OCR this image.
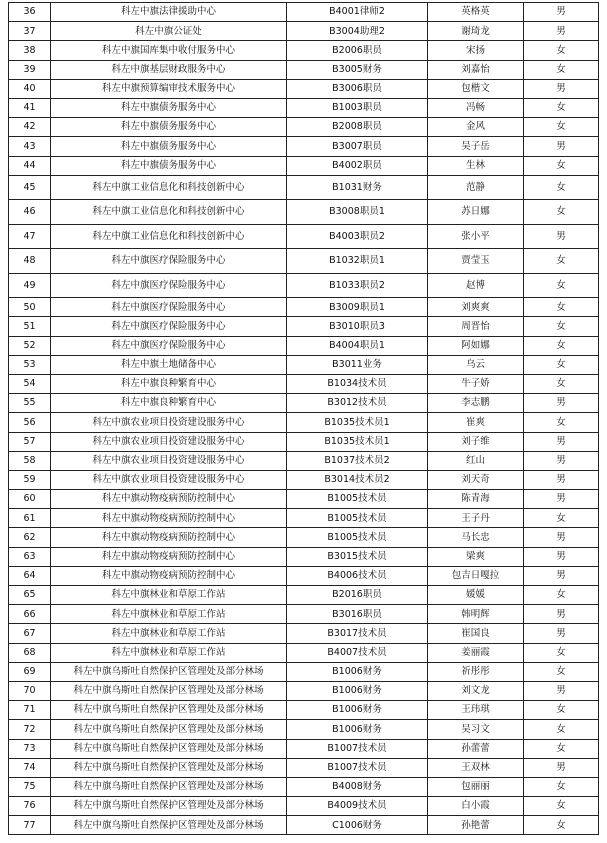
36	科左中旗法律援助中心	B4001律师2	英格英	男
37	科左中旗公证处	B3004助理2	谢琦龙	男
38	科左中旗国库集中收付服务中心	B2006职员	宋扬	女
39	科左中旗基层财政服务中心	B3005财务	刘嘉怡	女
40	科左中旗预算编审技术服务中心	B3006职员	包楷文	男
41	科左中旗债务服务中心	B1003职员	冯畅	女
42	科左中旗债务服务中心	B2008职员	金风	女
43	科左中旗债务服务中心	B3007职员	吴子岳	男
44	科左中旗债务服务中心	B4002职员	生林	女
45	科左中旗工业信息化和科技创新中心	B1031财务	范静	女
46	科左中旗工业信息化和科技创新中心	B3008职员1	苏日娜	女
47	科左中旗工业信息化和科技创新中心	B4003职员2	张小平	男
48	科左中旗医疗保险服务中心	B1032职员1	贾莹玉	女
49	科左中旗医疗保险服务中心	B1033职员2	赵博	女
50	科左中旗医疗保险服务中心	B3009职员1	刘爽爽	女
51	科左中旗医疗保险服务中心	B3010职员3	周晋怡	女
52	科左中旗医疗保险服务中心	B4004职员1	阿如娜	女
53	科左中旗土地储备中心	B3011业务	乌云	女
54	科左中旗良种繁育中心	B1034技术员	牛子娇	女
55	科左中旗良种繁育中心	B3012技术员	李志鹏	男
56	科左中旗农业项目投资建设服务中心	B1035技术员1	崔爽	女
57	科左中旗农业项目投资建设服务中心	B1035技术员1	刘子维	男
58	科左中旗农业项目投资建设服务中心	B1037技术员2	红山	男
59	科左中旗农业项目投资建设服务中心	B3014技术员2	刘天奇	男
60	科左中旗动物疫病预防控制中心	B1005技术员	陈青海	男
61	科左中旗动物疫病预防控制中心	B1005技术员	王子丹	女
62	科左中旗动物疫病预防控制中心	B1005技术员	马长忠	男
63	科左中旗动物疫病预防控制中心	B3015技术员	梁爽	男
64	科左中旗动物疫病预防控制中心	B4006技术员	包吉日嘎拉	男
65	科左中旗林业和草原工作站	B2016职员	媛媛	女
66	科左中旗林业和草原工作站	B3016职员	韩明辉	男
67	科左中旗林业和草原工作站	B3017技术员	崔国良	男
68	科左中旗林业和草原工作站	B4007技术员	姜丽霞	女
69	科左中旗乌斯吐自然保护区管理处及部分林场	B1006财务	祈彤彤	女
70	科左中旗乌斯吐自然保护区管理处及部分林场	B1006财务	刘文龙	男
71	科左中旗乌斯吐自然保护区管理处及部分林场	B1006财务	王玮琪	女
72	科左中旗乌斯吐自然保护区管理处及部分林场	B1006财务	吴习文	女
73	科左中旗乌斯吐自然保护区管理处及部分林场	B1007技术员	孙蕾蕾	女
74	科左中旗乌斯吐自然保护区管理处及部分林场	B1007技术员	王双林	男
75	科左中旗乌斯吐自然保护区管理处及部分林场	B4008财务	包丽丽	女
76	科左中旗乌斯吐自然保护区管理处及部分林场	B4009技术员	白小霞	女
77	科左中旗乌斯吐自然保护区管理处及部分林场	C1006财务	孙艳蕾	女
